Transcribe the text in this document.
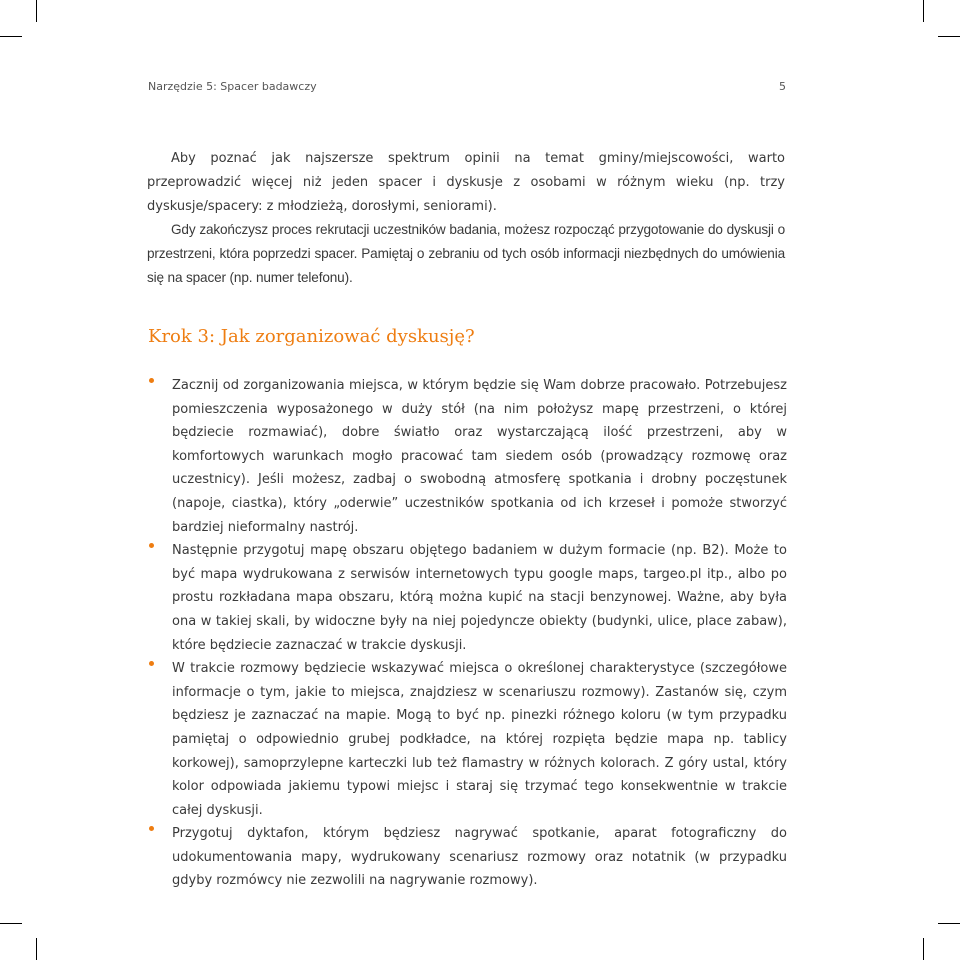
Narzędzie 5: Spacer badawczy	5

Aby poznać jak najszersze spektrum opinii na temat gminy/miejscowości, warto przeprowadzić więcej niż jeden spacer i dyskusje z osobami w różnym wieku (np. trzy dyskusje/spacery: z młodzieżą, dorosłymi, seniorami).

Gdy zakończysz proces rekrutacji uczestników badania, możesz rozpocząć przygotowanie do dyskusji o przestrzeni, która poprzedzi spacer. Pamiętaj o zebraniu od tych osób informacji niezbędnych do umówienia się na spacer (np. numer telefonu).

Krok 3: Jak zorganizować dyskusję?
Zacznij od zorganizowania miejsca, w którym będzie się Wam dobrze pracowało. Potrzebujesz pomieszczenia wyposażonego w duży stół (na nim położysz mapę przestrzeni, o której będziecie rozmawiać), dobre światło oraz wystarczającą ilość przestrzeni, aby w komfortowych warunkach mogło pracować tam siedem osób (prowadzący rozmowę oraz uczestnicy). Jeśli możesz, zadbaj o swobodną atmosferę spotkania i drobny poczęstunek (napoje, ciastka), który „oderwie” uczestników spotkania od ich krzeseł i pomoże stworzyć bardziej nieformalny nastrój.
Następnie przygotuj mapę obszaru objętego badaniem w dużym formacie (np. B2). Może to być mapa wydrukowana z serwisów internetowych typu google maps, targeo.pl itp., albo po prostu rozkładana mapa obszaru, którą można kupić na stacji benzynowej. Ważne, aby była ona w takiej skali, by widoczne były na niej pojedyncze obiekty (budynki, ulice, place zabaw), które będziecie zaznaczać w trakcie dyskusji.
W trakcie rozmowy będziecie wskazywać miejsca o określonej charakterystyce (szczegółowe informacje o tym, jakie to miejsca, znajdziesz w scenariuszu rozmowy). Zastanów się, czym będziesz je zaznaczać na mapie. Mogą to być np. pinezki różnego koloru (w tym przypadku pamiętaj o odpowiednio grubej podkładce, na której rozpięta będzie mapa np. tablicy korkowej), samoprzylepne karteczki lub też flamastry w różnych kolorach. Z góry ustal, który kolor odpowiada jakiemu typowi miejsc i staraj się trzymać tego konsekwentnie w trakcie całej dyskusji.
Przygotuj dyktafon, którym będziesz nagrywać spotkanie, aparat fotograficzny do udokumentowania mapy, wydrukowany scenariusz rozmowy oraz notatnik (w przypadku gdyby rozmówcy nie zezwolili na nagrywanie rozmowy).
